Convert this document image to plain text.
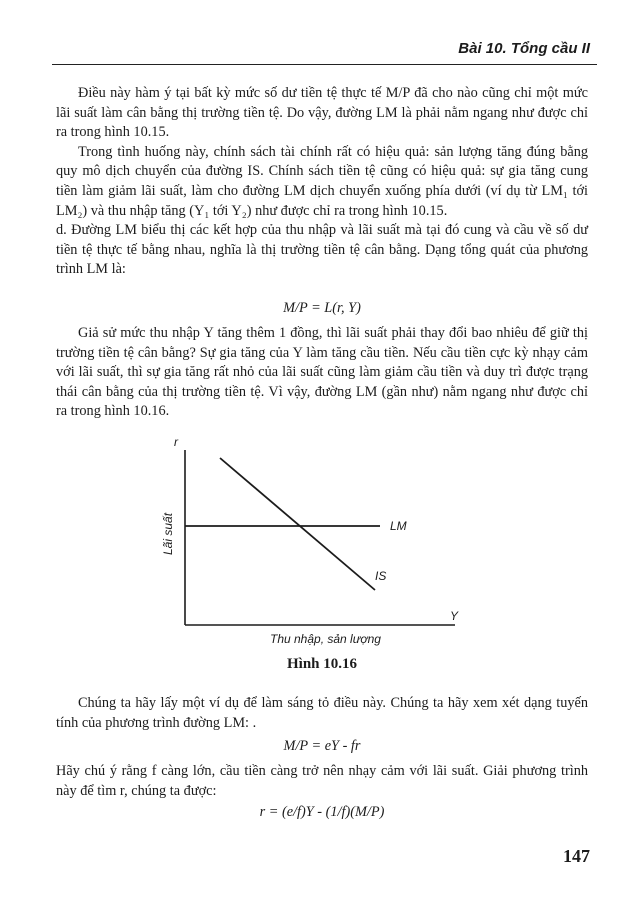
Bài 10. Tổng cầu II

Điều này hàm ý tại bất kỳ mức số dư tiền tệ thực tế M/P đã cho nào cũng chỉ một mức lãi suất làm cân bằng thị trường tiền tệ. Do vậy, đường LM là phải nằm ngang như được chỉ ra trong hình 10.15.

Trong tình huống này, chính sách tài chính rất có hiệu quả: sản lượng tăng đúng bằng quy mô dịch chuyển của đường IS. Chính sách tiền tệ cũng có hiệu quả: sự gia tăng cung tiền làm giảm lãi suất, làm cho đường LM dịch chuyển xuống phía dưới (ví dụ từ LM₁ tới LM₂) và thu nhập tăng (Y₁ tới Y₂) như được chỉ ra trong hình 10.15.

d. Đường LM biểu thị các kết hợp của thu nhập và lãi suất mà tại đó cung và cầu về số dư tiền tệ thực tế bằng nhau, nghĩa là thị trường tiền tệ cân bằng. Dạng tổng quát của phương trình LM là:

M/P = L(r, Y)

Giả sử mức thu nhập Y tăng thêm 1 đồng, thì lãi suất phải thay đổi bao nhiêu để giữ thị trường tiền tệ cân bằng? Sự gia tăng của Y làm tăng cầu tiền. Nếu cầu tiền cực kỳ nhạy cảm với lãi suất, thì sự gia tăng rất nhỏ của lãi suất cũng làm giảm cầu tiền và duy trì được trạng thái cân bằng của thị trường tiền tệ. Vì vậy, đường LM (gần như) nằm ngang như được chỉ ra trong hình 10.16.

r
Y
Lãi suất
Thu nhập, sản lượng
LM
IS
Hình 10.16

Chúng ta hãy lấy một ví dụ để làm sáng tỏ điều này. Chúng ta hãy xem xét dạng tuyến tính của phương trình đường LM: .

M/P = eY - fr

Hãy chú ý rằng f càng lớn, cầu tiền càng trở nên nhạy cảm với lãi suất. Giải phương trình này để tìm r, chúng ta được:

r = (e/f)Y - (1/f)(M/P)
147
